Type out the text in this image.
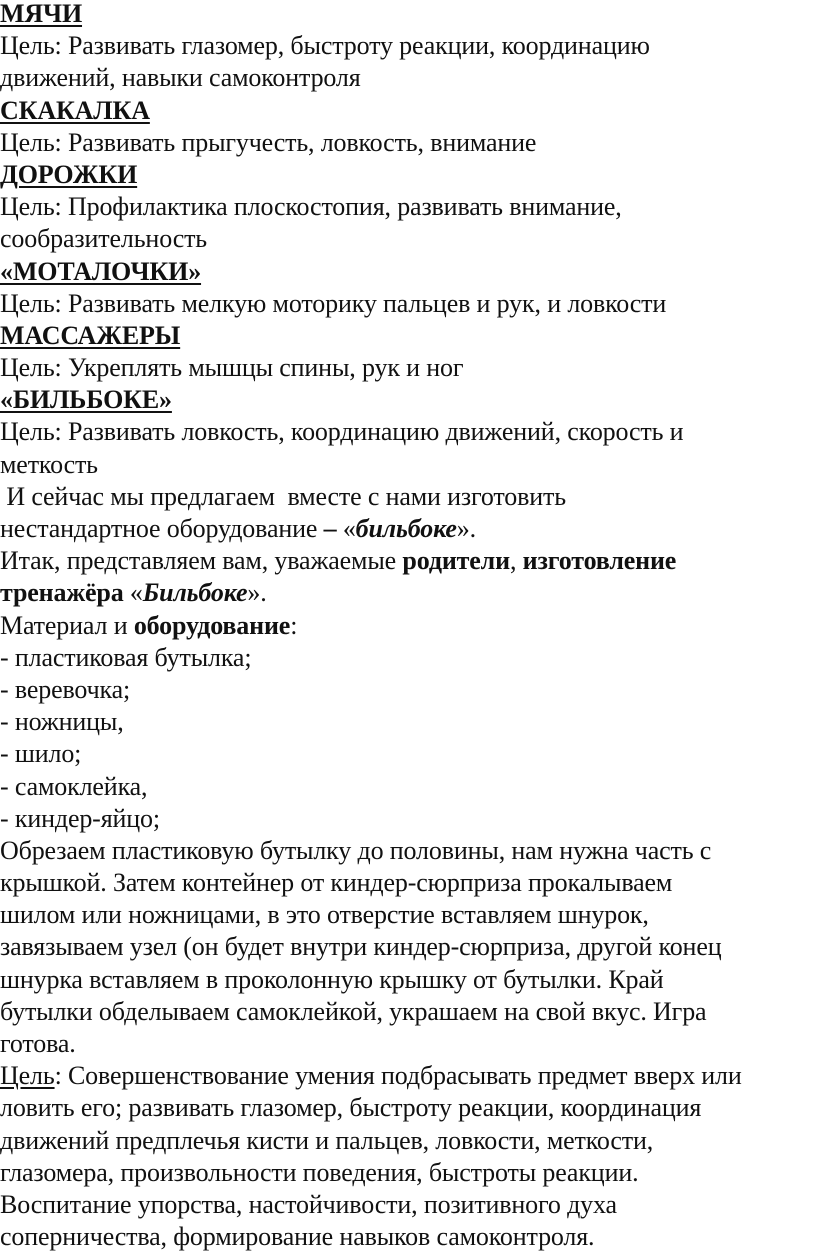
МЯЧИ
Цель: Развивать глазомер, быстроту реакции, координацию
движений, навыки самоконтроля
СКАКАЛКА
Цель: Развивать прыгучесть, ловкость, внимание
ДОРОЖКИ
Цель: Профилактика плоскостопия, развивать внимание,
сообразительность
«МОТАЛОЧКИ»
Цель: Развивать мелкую моторику пальцев и рук, и ловкости
МАССАЖЕРЫ
Цель: Укреплять мышцы спины, рук и ног
«БИЛЬБОКЕ»
Цель: Развивать ловкость, координацию движений, скорость и
меткость
И сейчас мы предлагаем  вместе с нами изготовить
нестандартное оборудование – «бильбоке».
Итак, представляем вам, уважаемые родители, изготовление
тренажёра «Бильбоке».
Материал и оборудование:
- пластиковая бутылка;
- веревочка;
- ножницы,
- шило;
- самоклейка,
- киндер-яйцо;
Обрезаем пластиковую бутылку до половины, нам нужна часть с
крышкой. Затем контейнер от киндер-сюрприза прокалываем
шилом или ножницами, в это отверстие вставляем шнурок,
завязываем узел (он будет внутри киндер-сюрприза, другой конец
шнурка вставляем в проколонную крышку от бутылки. Край
бутылки обделываем самоклейкой, украшаем на свой вкус. Игра
готова.
Цель: Совершенствование умения подбрасывать предмет вверх или
ловить его; развивать глазомер, быстроту реакции, координация
движений предплечья кисти и пальцев, ловкости, меткости,
глазомера, произвольности поведения, быстроты реакции.
Воспитание упорства, настойчивости, позитивного духа
соперничества, формирование навыков самоконтроля.
